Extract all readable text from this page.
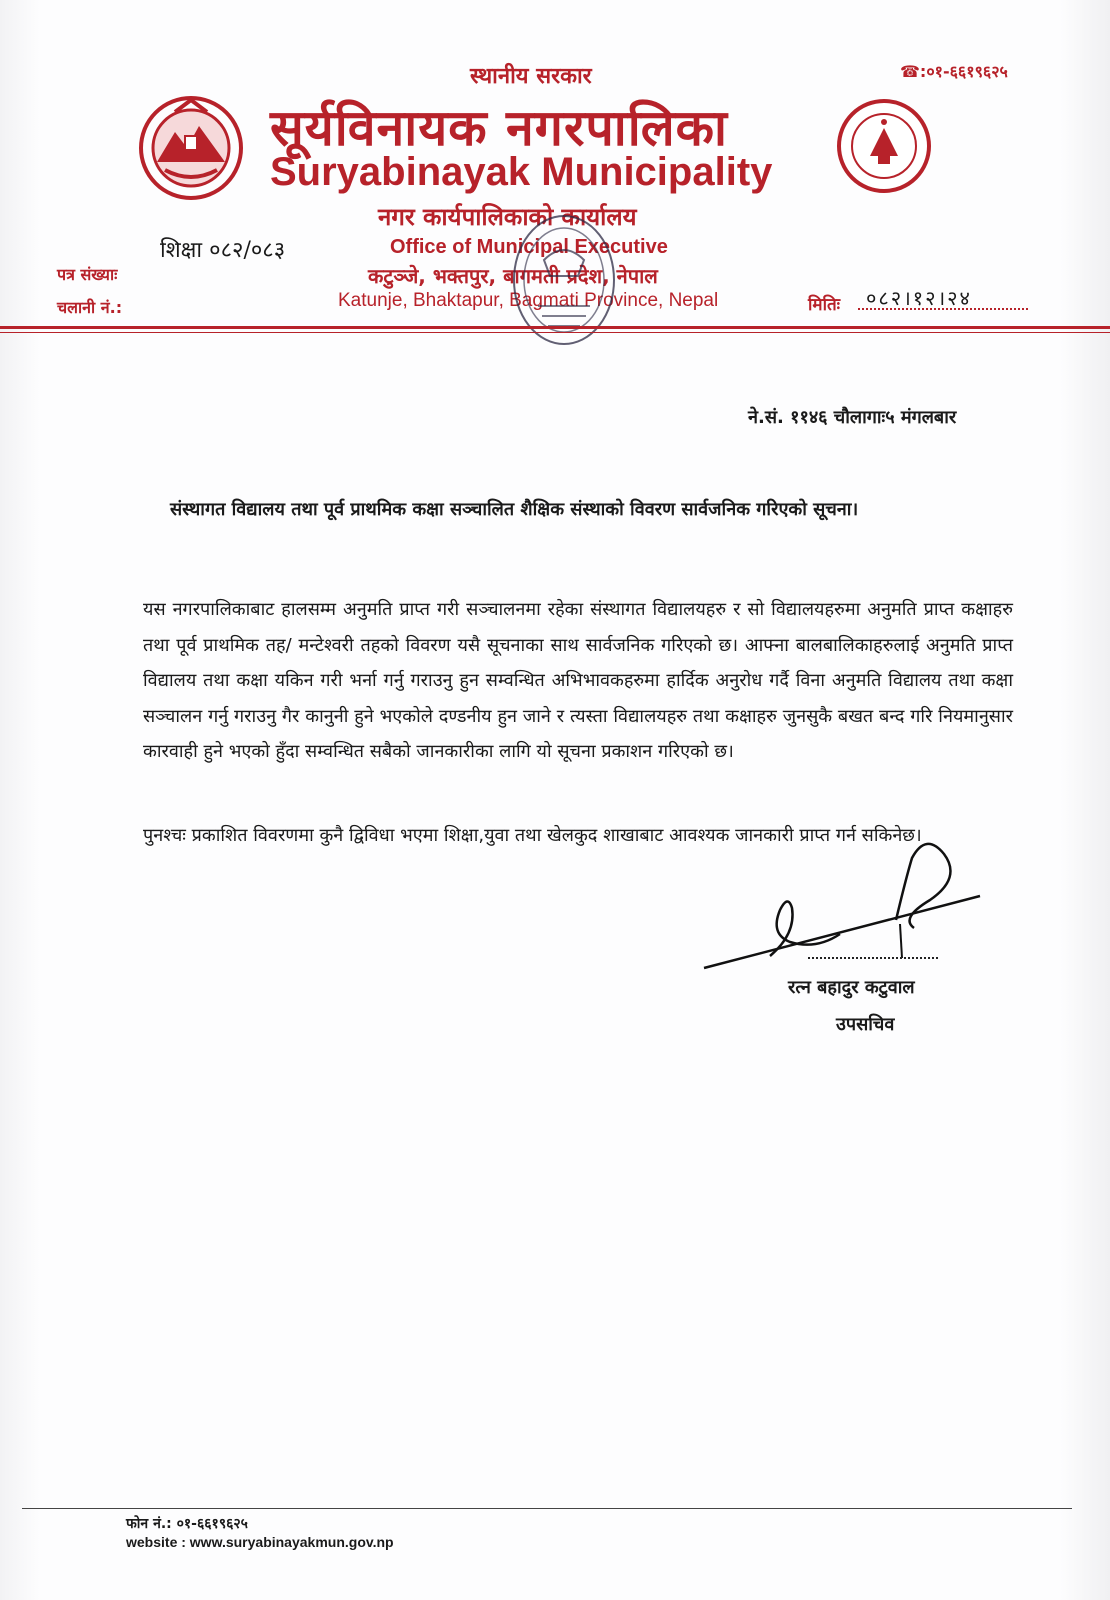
स्थानीय सरकार	☎:०१-६६१९६२५
सूर्यविनायक नगरपालिका
Suryabinayak Municipality
नगर कार्यपालिकाको कार्यालय
Office of Municipal Executive
कटुञ्जे, भक्तपुर, बागमती प्रदेश, नेपाल
Katunje, Bhaktapur, Bagmati Province, Nepal
शिक्षा ०८२/०८३
पत्र संख्याः
चलानी नं.:	मितिः ०८२।१२।२४
ने.सं. ११४६ चौलागाः५ मंगलबार
संस्थागत विद्यालय तथा पूर्व प्राथमिक कक्षा सञ्चालित शैक्षिक संस्थाको विवरण सार्वजनिक गरिएको सूचना।
यस नगरपालिकाबाट हालसम्म अनुमति प्राप्त गरी सञ्चालनमा रहेका संस्थागत विद्यालयहरु र सो विद्यालयहरुमा अनुमति प्राप्त कक्षाहरु तथा पूर्व प्राथमिक तह/ मन्टेश्वरी तहको विवरण यसै सूचनाका साथ सार्वजनिक गरिएको छ। आफ्ना बालबालिकाहरुलाई अनुमति प्राप्त विद्यालय तथा कक्षा यकिन गरी भर्ना गर्नु गराउनु हुन सम्वन्धित अभिभावकहरुमा हार्दिक अनुरोध गर्दै विना अनुमति विद्यालय तथा कक्षा सञ्चालन गर्नु गराउनु गैर कानुनी हुने भएकोले दण्डनीय हुन जाने र त्यस्ता विद्यालयहरु तथा कक्षाहरु जुनसुकै बखत बन्द गरि नियमानुसार कारवाही हुने भएको हुँदा सम्वन्धित सबैको जानकारीका लागि यो सूचना प्रकाशन गरिएको छ।
पुनश्चः प्रकाशित विवरणमा कुनै द्विविधा भएमा शिक्षा,युवा तथा खेलकुद शाखाबाट आवश्यक जानकारी प्राप्त गर्न सकिनेछ।
रत्न बहादुर कटुवाल
उपसचिव
फोन नं.: ०१-६६१९६२५
website : www.suryabinayakmun.gov.np
